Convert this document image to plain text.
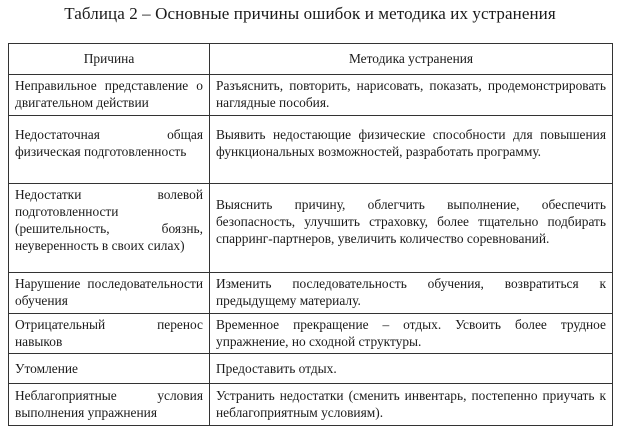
Таблица 2 – Основные причины ошибок и методика их устранения
Причина	Методика устранения
Неправильное представление о двигательном действии	Разъяснить, повторить, нарисовать, показать, продемонстрировать наглядные пособия.
Недостаточная общая физическая подготовленность	Выявить недостающие физические способности для повышения функциональных возможностей, разработать программу.
Недостатки волевой подготовленности (решительность, боязнь, неуверенность в своих силах)	Выяснить причину, облегчить выполнение, обеспечить безопасность, улучшить страховку, более тщательно подбирать спарринг-партнеров, увеличить количество соревнований.
Нарушение последовательности обучения	Изменить последовательность обучения, возвратиться к предыдущему материалу.
Отрицательный перенос навыков	Временное прекращение – отдых. Усвоить более трудное упражнение, но сходной структуры.
Утомление	Предоставить отдых.
Неблагоприятные условия выполнения упражнения	Устранить недостатки (сменить инвентарь, постепенно приучать к неблагоприятным условиям).
